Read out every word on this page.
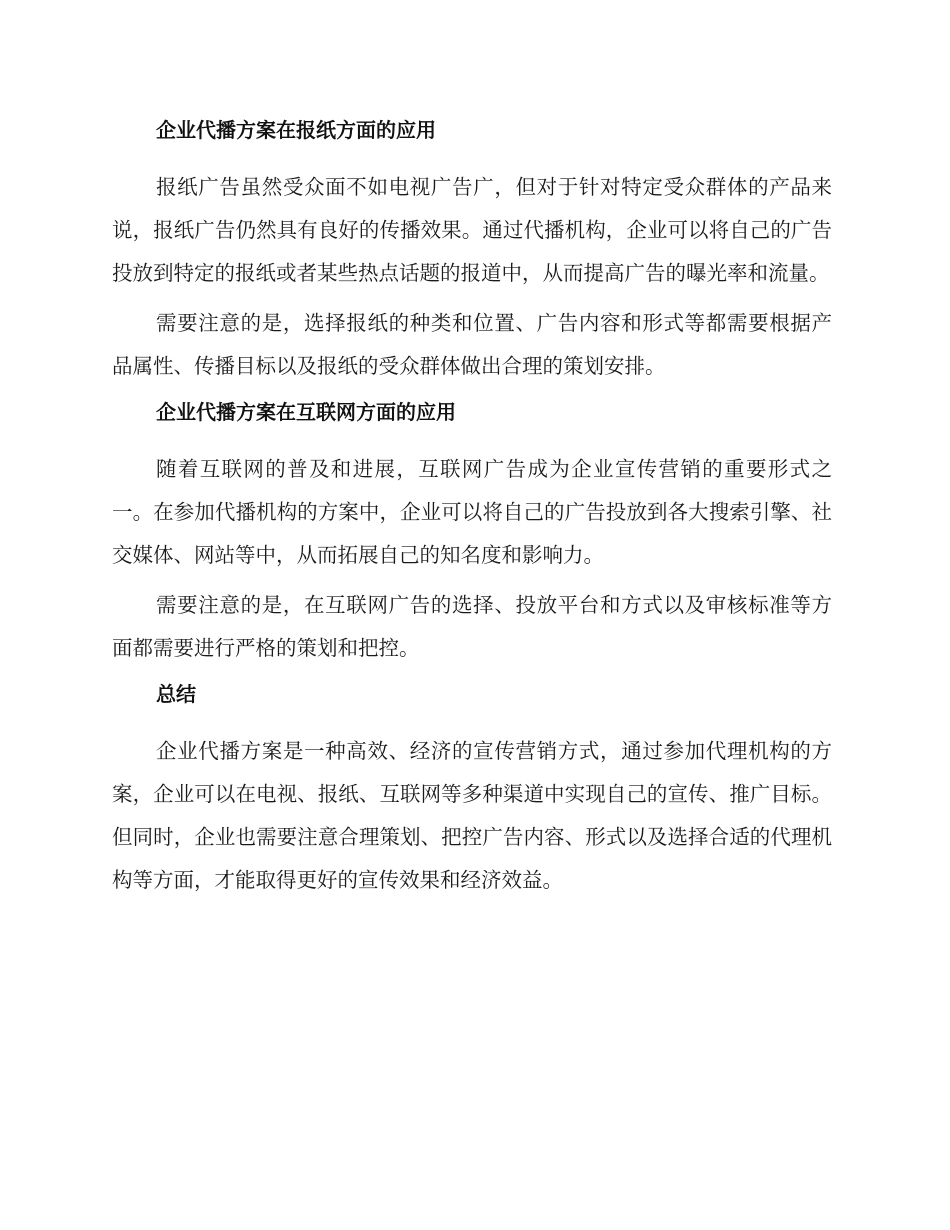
企业代播方案在报纸方面的应用

报纸广告虽然受众面不如电视广告广，但对于针对特定受众群体的产品来说，报纸广告仍然具有良好的传播效果。通过代播机构，企业可以将自己的广告投放到特定的报纸或者某些热点话题的报道中，从而提高广告的曝光率和流量。

需要注意的是，选择报纸的种类和位置、广告内容和形式等都需要根据产品属性、传播目标以及报纸的受众群体做出合理的策划安排。

企业代播方案在互联网方面的应用

随着互联网的普及和进展，互联网广告成为企业宣传营销的重要形式之一。在参加代播机构的方案中，企业可以将自己的广告投放到各大搜索引擎、社交媒体、网站等中，从而拓展自己的知名度和影响力。

需要注意的是，在互联网广告的选择、投放平台和方式以及审核标准等方面都需要进行严格的策划和把控。

总结

企业代播方案是一种高效、经济的宣传营销方式，通过参加代理机构的方案，企业可以在电视、报纸、互联网等多种渠道中实现自己的宣传、推广目标。但同时，企业也需要注意合理策划、把控广告内容、形式以及选择合适的代理机构等方面，才能取得更好的宣传效果和经济效益。
